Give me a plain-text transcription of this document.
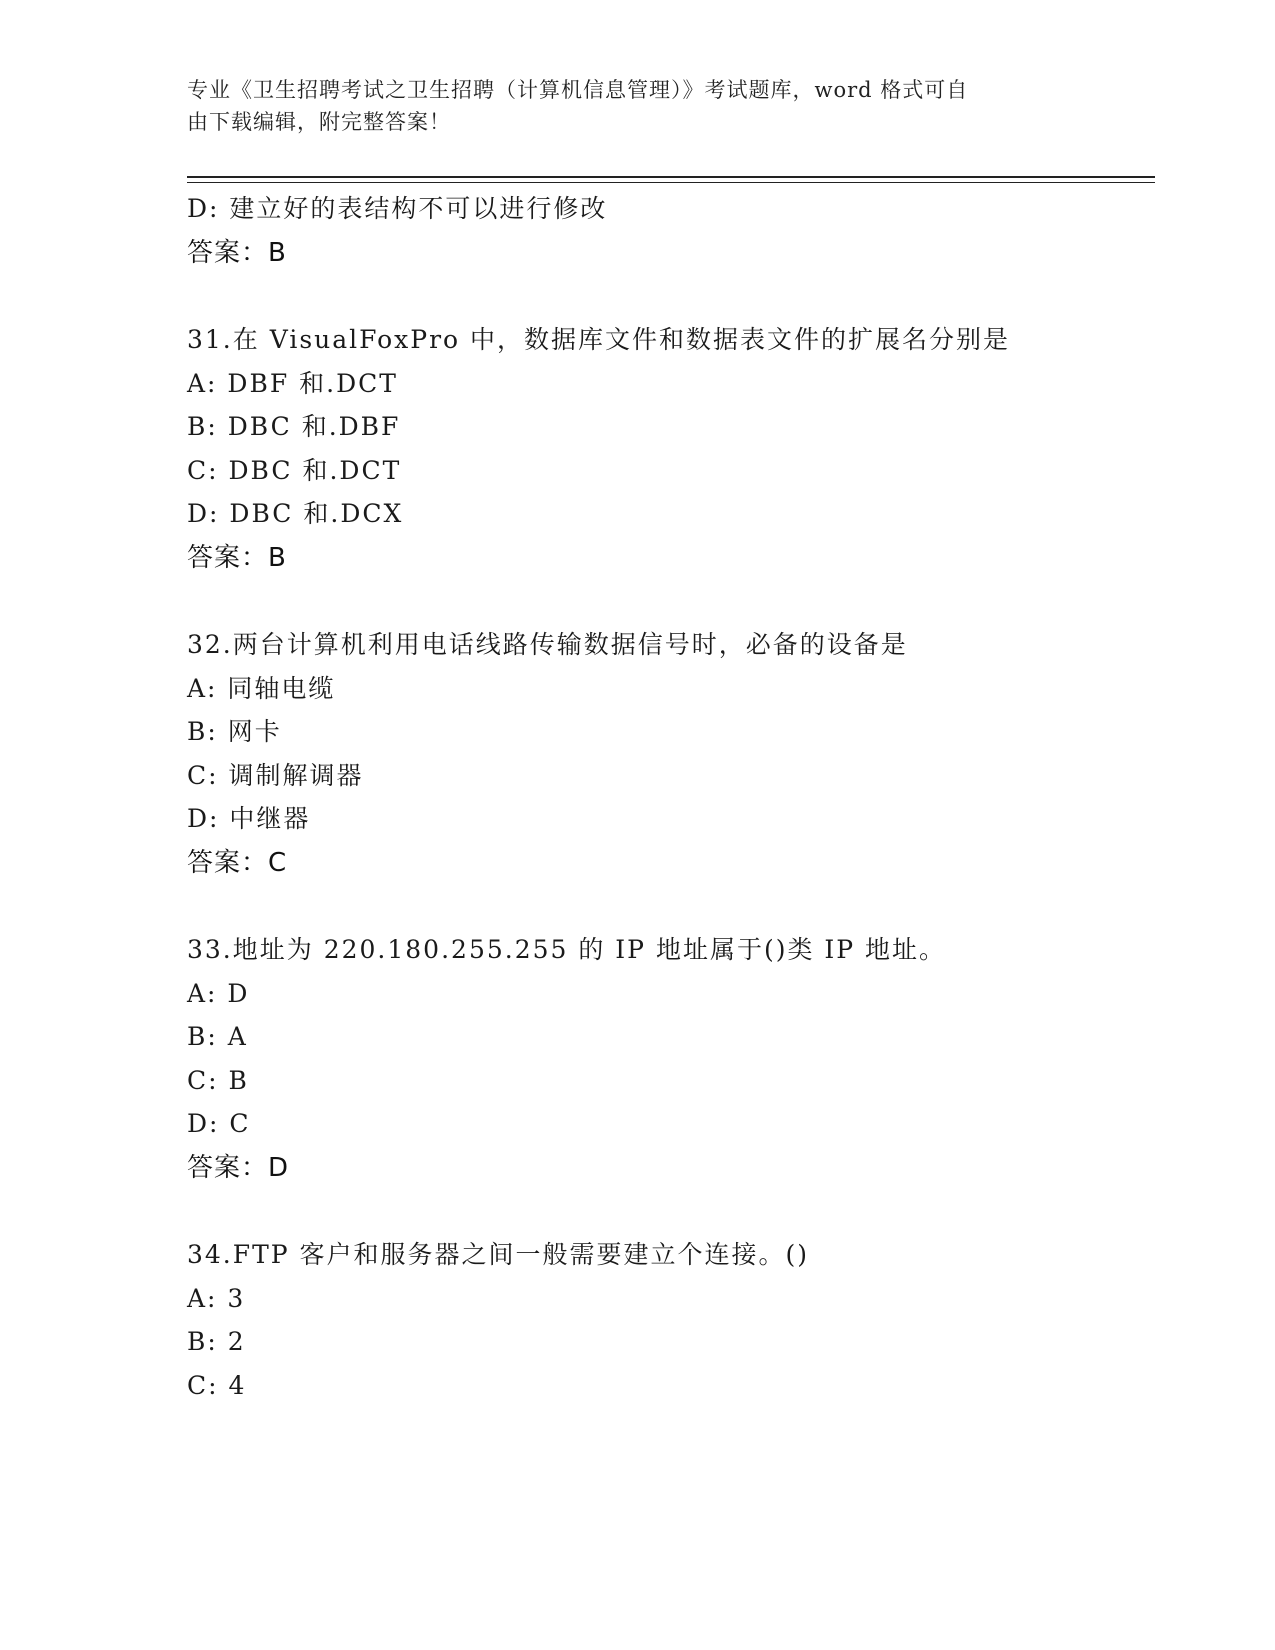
专业《卫生招聘考试之卫生招聘（计算机信息管理）》考试题库，word 格式可自
由下载编辑，附完整答案！
D: 建立好的表结构不可以进行修改
答案：B
31.在 VisualFoxPro 中，数据库文件和数据表文件的扩展名分别是
A: DBF 和.DCT
B: DBC 和.DBF
C: DBC 和.DCT
D: DBC 和.DCX
答案：B
32.两台计算机利用电话线路传输数据信号时，必备的设备是
A: 同轴电缆
B: 网卡
C: 调制解调器
D: 中继器
答案：C
33.地址为 220.180.255.255 的 IP 地址属于()类 IP 地址。
A: D
B: A
C: B
D: C
答案：D
34.FTP 客户和服务器之间一般需要建立个连接。()
A: 3
B: 2
C: 4
